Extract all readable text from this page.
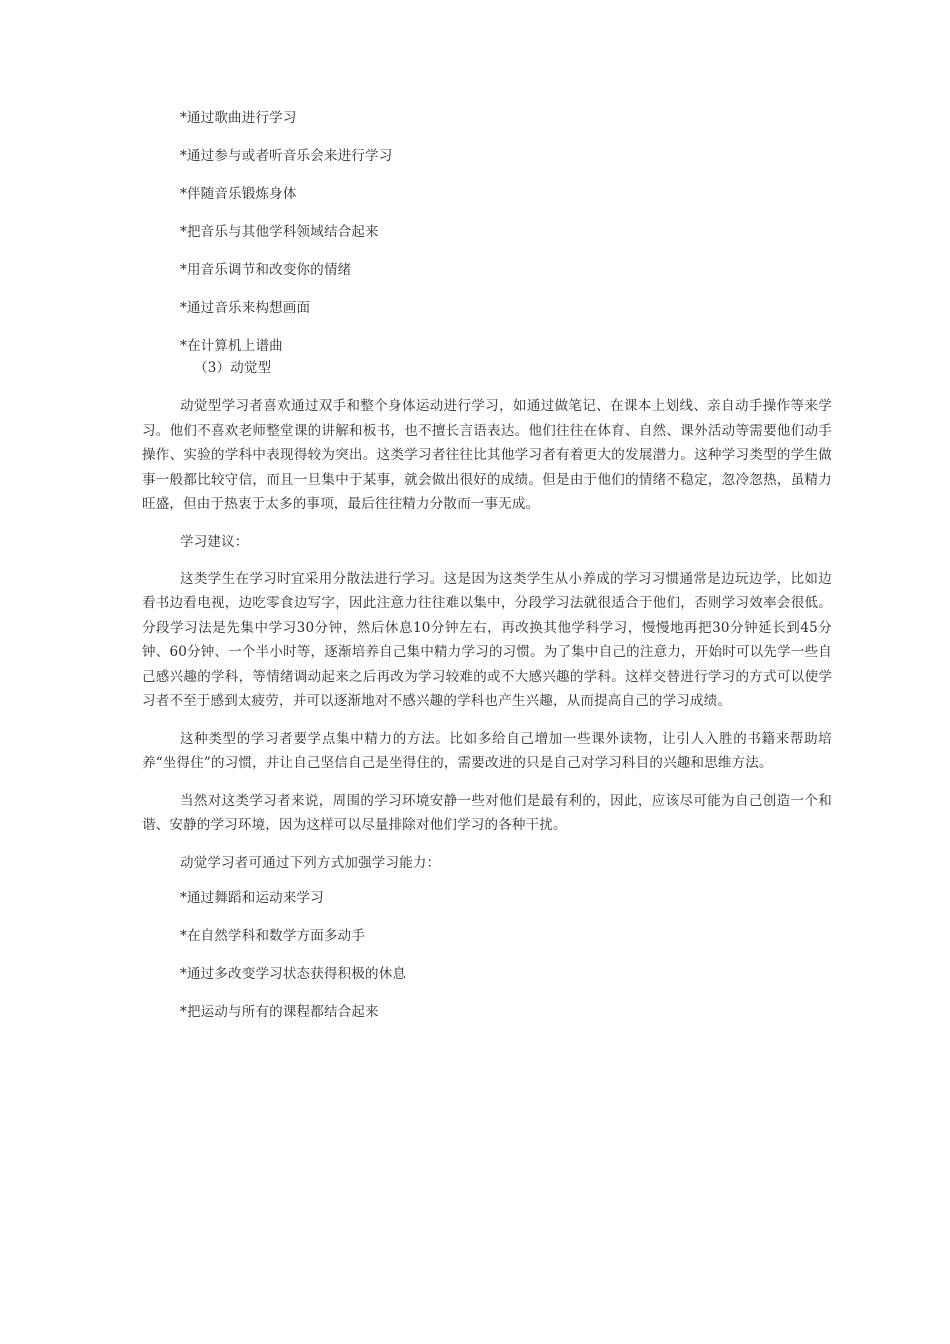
*通过歌曲进行学习

*通过参与或者听音乐会来进行学习

*伴随音乐锻炼身体

*把音乐与其他学科领域结合起来

*用音乐调节和改变你的情绪

*通过音乐来构想画面

*在计算机上谱曲

（3）动觉型

动觉型学习者喜欢通过双手和整个身体运动进行学习，如通过做笔记、在课本上划线、亲自动手操作等来学习。他们不喜欢老师整堂课的讲解和板书，也不擅长言语表达。他们往往在体育、自然、课外活动等需要他们动手操作、实验的学科中表现得较为突出。这类学习者往往比其他学习者有着更大的发展潜力。这种学习类型的学生做事一般都比较守信，而且一旦集中于某事，就会做出很好的成绩。但是由于他们的情绪不稳定，忽冷忽热，虽精力旺盛，但由于热衷于太多的事项，最后往往精力分散而一事无成。

学习建议：

这类学生在学习时宜采用分散法进行学习。这是因为这类学生从小养成的学习习惯通常是边玩边学，比如边看书边看电视，边吃零食边写字，因此注意力往往难以集中，分段学习法就很适合于他们，否则学习效率会很低。分段学习法是先集中学习30分钟，然后休息10分钟左右，再改换其他学科学习，慢慢地再把30分钟延长到45分钟、60分钟、一个半小时等，逐渐培养自己集中精力学习的习惯。为了集中自己的注意力，开始时可以先学一些自己感兴趣的学科，等情绪调动起来之后再改为学习较难的或不大感兴趣的学科。这样交替进行学习的方式可以使学习者不至于感到太疲劳，并可以逐渐地对不感兴趣的学科也产生兴趣，从而提高自己的学习成绩。

这种类型的学习者要学点集中精力的方法。比如多给自己增加一些课外读物，让引人入胜的书籍来帮助培养“坐得住”的习惯，并让自己坚信自己是坐得住的，需要改进的只是自己对学习科目的兴趣和思维方法。

当然对这类学习者来说，周围的学习环境安静一些对他们是最有利的，因此，应该尽可能为自己创造一个和谐、安静的学习环境，因为这样可以尽量排除对他们学习的各种干扰。

动觉学习者可通过下列方式加强学习能力：

*通过舞蹈和运动来学习

*在自然学科和数学方面多动手

*通过多改变学习状态获得积极的休息

*把运动与所有的课程都结合起来
